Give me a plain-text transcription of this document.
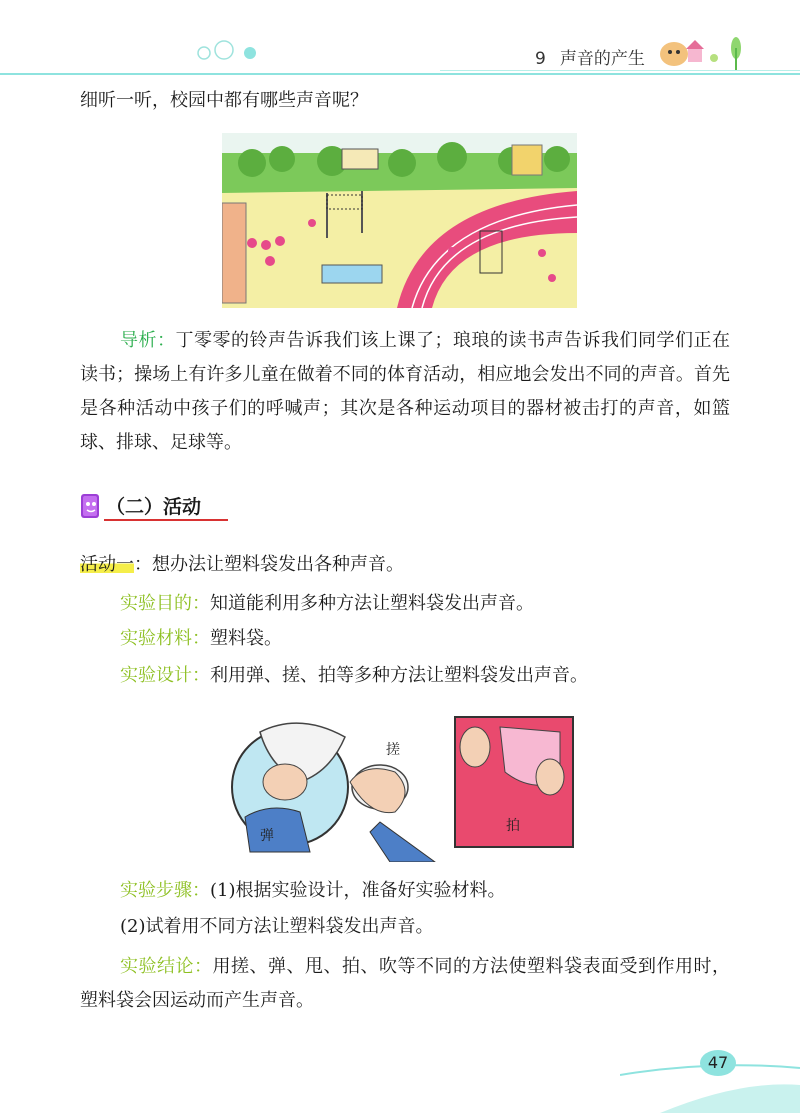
9 声音的产生
细听一听，校园中都有哪些声音呢？
导析：丁零零的铃声告诉我们该上课了；琅琅的读书声告诉我们同学们正在读书；操场上有许多儿童在做着不同的体育活动，相应地会发出不同的声音。首先是各种活动中孩子们的呼喊声；其次是各种运动项目的器材被击打的声音，如篮球、排球、足球等。
（二）活动
活动一：想办法让塑料袋发出各种声音。
实验目的：知道能利用多种方法让塑料袋发出声音。
实验材料：塑料袋。
实验设计：利用弹、搓、拍等多种方法让塑料袋发出声音。
搓
弹
拍
实验步骤：(1)根据实验设计，准备好实验材料。
(2)试着用不同方法让塑料袋发出声音。
实验结论：用搓、弹、甩、拍、吹等不同的方法使塑料袋表面受到作用时，塑料袋会因运动而产生声音。
47
